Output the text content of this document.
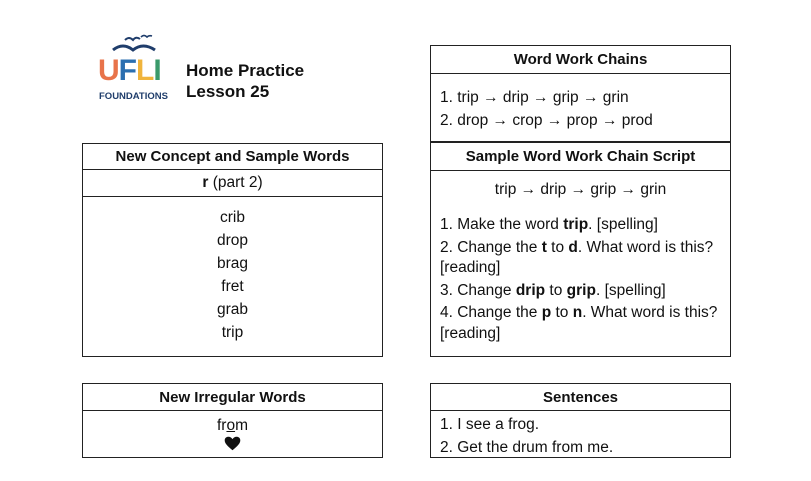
UFLI
FOUNDATIONS
Home Practice
Lesson 25
New Concept and Sample Words
r
(part 2)
crib
drop
brag
fret
grab
trip
New Irregular Words
from
Word Work Chains
1. trip → drip → grip → grin
2. drop → crop → prop → prod
Sample Word Work Chain Script
trip → drip → grip → grin
1. Make the word trip. [spelling]
2. Change the t to d. What word is this? [reading]
3. Change drip to grip. [spelling]
4. Change the p to n. What word is this? [reading]
Sentences
1. I see a frog.
2. Get the drum from me.
